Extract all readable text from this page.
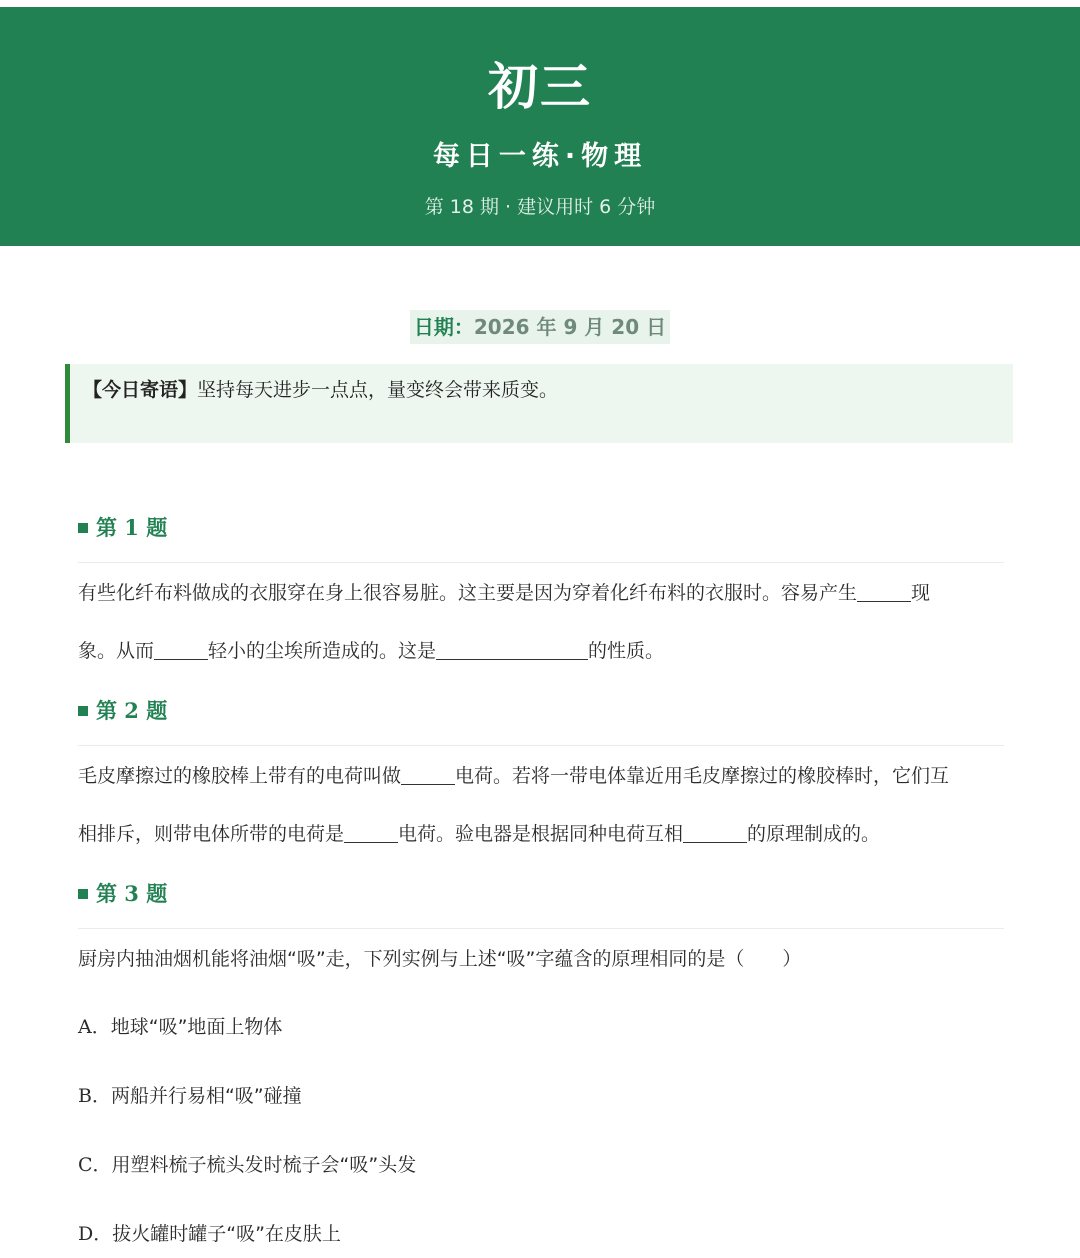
初三
每日一练·物理
第 18 期 · 建议用时 6 分钟
日期：2026 年 9 月 20 日
【今日寄语】坚持每天进步一点点，量变终会带来质变。
第 1 题
有些化纤布料做成的衣服穿在身上很容易脏。这主要是因为穿着化纤布料的衣服时。容易产生	现
象。从而	轻小的尘埃所造成的。这是	的性质。
第 2 题
毛皮摩擦过的橡胶棒上带有的电荷叫做	电荷。若将一带电体靠近用毛皮摩擦过的橡胶棒时，它们互
相排斥，则带电体所带的电荷是	电荷。验电器是根据同种电荷互相	的原理制成的。
第 3 题
厨房内抽油烟机能将油烟“吸”走，下列实例与上述“吸”字蕴含的原理相同的是（　　）
A．地球“吸”地面上物体
B．两船并行易相“吸”碰撞
C．用塑料梳子梳头发时梳子会“吸”头发
D．拔火罐时罐子“吸”在皮肤上
